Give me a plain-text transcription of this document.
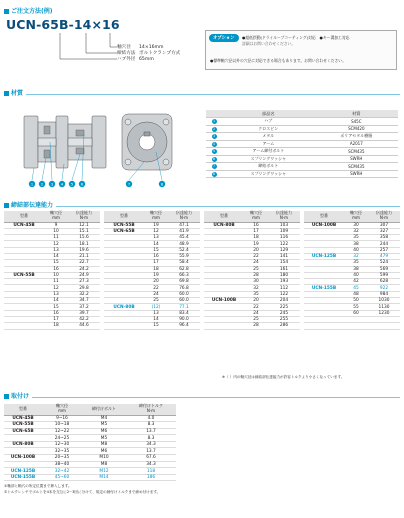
ご注文方法(例)
UCN-65B-14×16
軸穴径 14×16mm
締結方法 ボルトクランプ方式
ハブ外径 65mm
オプション	●超低摂動(ドライルーブコーティング)対応　●キー溝加工対応
詳細はお問い合わせください。
●標準軸穴径以外の穴径に対応できる場合もあります。お問い合わせください。
材質
1 2 3 4 5 6	7	8
	部品名	材質
1	ハブ	S45C
2	クロスピン	SCM420
3	メタル	ポリアセタル樹脂
4	アーム	A2017
5	アーム締付ボルト	SCM435
6	スプリングワッシャ	SWRH
7	締結ボルト	SCM435
8	スプリングワッシャ	SWRH
締結部伝達能力
型番	軸穴径
mm	伝達能力
N·m
UCN-45B	9	12.1
	10	15.1
	11	15.6
	12	18.1
	13	19.6
	14	21.1
	15	22.7
	16	24.2
UCN-55B	10	24.9
	11	27.3
	12	29.8
	13	32.2
	14	34.7
	15	37.2
	16	39.7
	17	42.2
	18	44.6
型番	軸穴径
mm	伝達能力
N·m
UCN-55B	19	47.1
UCN-65B	12	41.9
	13	45.4
	14	48.9
	15	52.4
	16	55.9
	17	58.4
	18	62.8
	19	66.3
	20	69.8
	22	76.8
	24	60.0
	25	60.0
UCN-80B	(12)	77.1
	13	83.4
	14	90.0
	15	96.4
型番	軸穴径
mm	伝達能力
N·m
UCN-80B	16	103
	17	109
	18	116
	19	122
	20	129
	22	141
	24	154
	25	161
	28	180
	30	193
	32	112
	35	122
UCN-100B	20	204
	22	225
	24	245
	25	255
	28	286
型番	軸穴径
mm	伝達能力
N·m
UCN-100B	30	307
	32	327
	35	358
	38	244
	40	257
UCN-125B	32	479
	35	524
	38	569
	40	599
	42	628
UCN-155B	45	922
	48	984
	50	1030
	55	1130
	60	1230

※（ ）内の軸穴径は締結部伝達能力が許容トルクより小さくなっています。
取付け
型番	軸穴径
mm	締付けボルト	締付けトルク
N·m
UCN-45B	9~16	M4	4.0
UCN-55B	10~18	M5	8.3
UCN-65B	12~22	M6	13.7
	24~25	M5	8.3
UCN-80B	12~30	M8	34.3
	32~35	M6	13.7
UCN-100B	20~35	M10	67.6
	38~40	M8	34.3
UCN-125B	32~42	M12	118
UCN-155B	45~60	M14	186
①軸部と軸穴の所定位置まで挿入します。
②トルクレンチでボルトを4本を交互に2~3回に分けて、規定の締付けトルクまで締め付けます。
